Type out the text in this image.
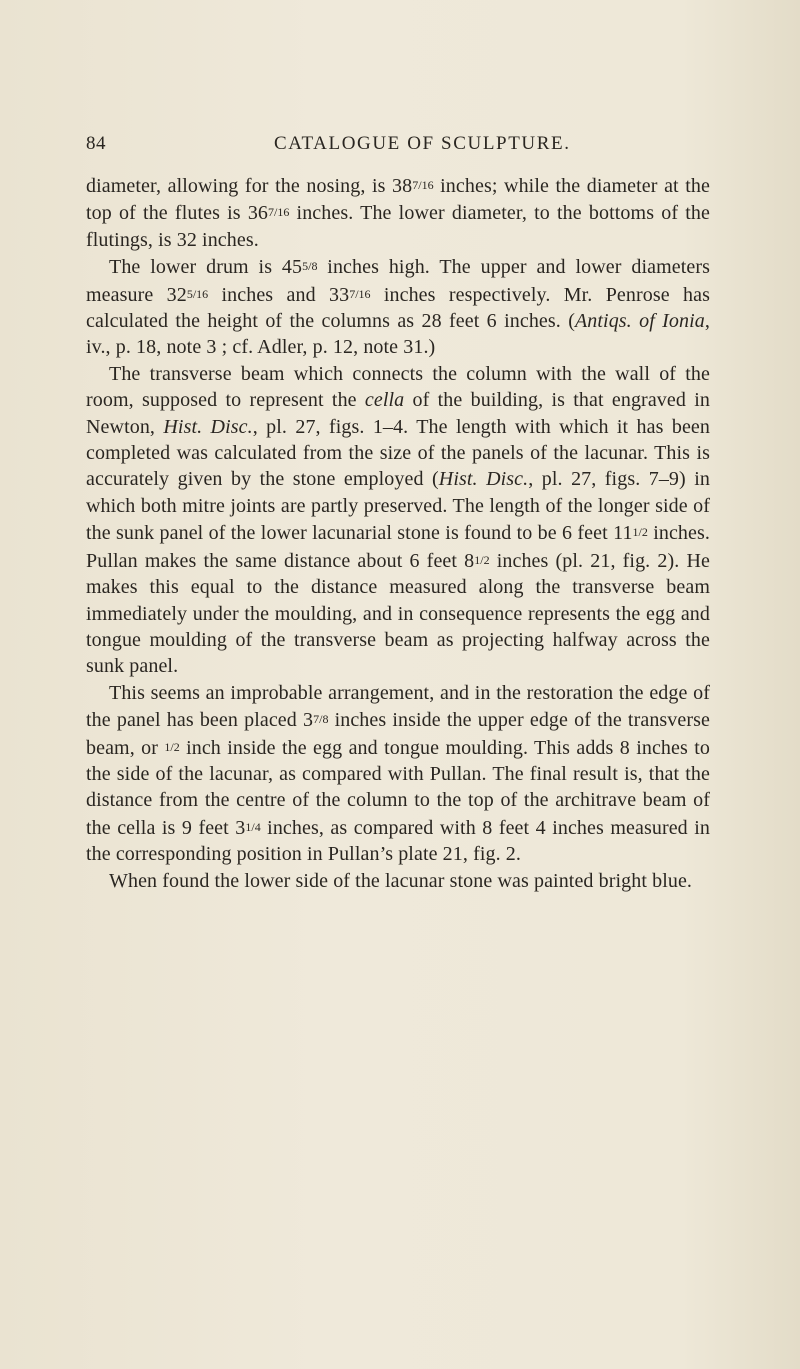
84	CATALOGUE OF SCULPTURE.

diameter, allowing for the nosing, is 387/16 inches; while the diameter at the top of the flutes is 367/16 inches. The lower diameter, to the bottoms of the flutings, is 32 inches.

The lower drum is 455/8 inches high. The upper and lower diameters measure 325/16 inches and 337/16 inches respectively. Mr. Penrose has calculated the height of the columns as 28 feet 6 inches. (Antiqs. of Ionia, iv., p. 18, note 3 ; cf. Adler, p. 12, note 31.)

The transverse beam which connects the column with the wall of the room, supposed to represent the cella of the building, is that engraved in Newton, Hist. Disc., pl. 27, figs. 1–4. The length with which it has been completed was calculated from the size of the panels of the lacunar. This is accurately given by the stone employed (Hist. Disc., pl. 27, figs. 7–9) in which both mitre joints are partly preserved. The length of the longer side of the sunk panel of the lower lacunarial stone is found to be 6 feet 111/2 inches. Pullan makes the same distance about 6 feet 81/2 inches (pl. 21, fig. 2). He makes this equal to the distance measured along the transverse beam immediately under the moulding, and in consequence represents the egg and tongue moulding of the transverse beam as projecting halfway across the sunk panel.

This seems an improbable arrangement, and in the restoration the edge of the panel has been placed 37/8 inches inside the upper edge of the transverse beam, or 1/2 inch inside the egg and tongue moulding. This adds 8 inches to the side of the lacunar, as compared with Pullan. The final result is, that the distance from the centre of the column to the top of the architrave beam of the cella is 9 feet 31/4 inches, as compared with 8 feet 4 inches measured in the corresponding position in Pullan’s plate 21, fig. 2.

When found the lower side of the lacunar stone was painted bright blue.
